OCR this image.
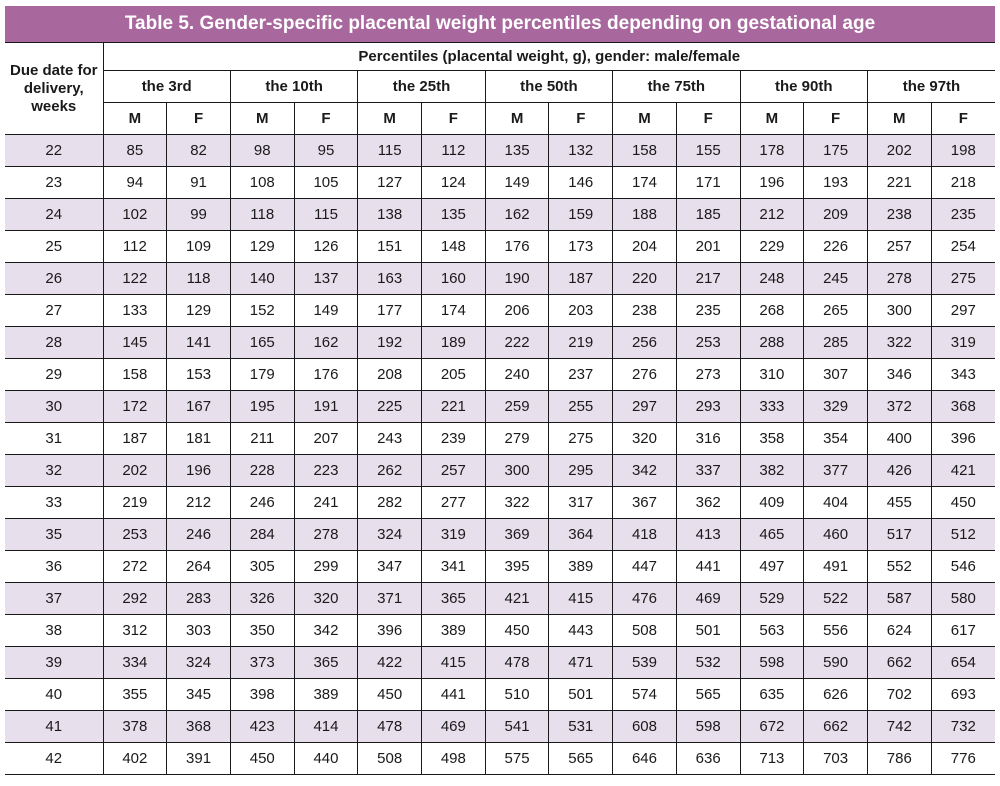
Table 5. Gender-specific placental weight percentiles depending on gestational age
Due date for delivery, weeks	Percentiles (placental weight, g), gender: male/female													
	the 3rd		the 10th		the 25th		the 50th		the 75th		the 90th		the 97th	
	M	F	M	F	M	F	M	F	M	F	M	F	M	F
22	85	82	98	95	115	112	135	132	158	155	178	175	202	198
23	94	91	108	105	127	124	149	146	174	171	196	193	221	218
24	102	99	118	115	138	135	162	159	188	185	212	209	238	235
25	112	109	129	126	151	148	176	173	204	201	229	226	257	254
26	122	118	140	137	163	160	190	187	220	217	248	245	278	275
27	133	129	152	149	177	174	206	203	238	235	268	265	300	297
28	145	141	165	162	192	189	222	219	256	253	288	285	322	319
29	158	153	179	176	208	205	240	237	276	273	310	307	346	343
30	172	167	195	191	225	221	259	255	297	293	333	329	372	368
31	187	181	211	207	243	239	279	275	320	316	358	354	400	396
32	202	196	228	223	262	257	300	295	342	337	382	377	426	421
33	219	212	246	241	282	277	322	317	367	362	409	404	455	450
35	253	246	284	278	324	319	369	364	418	413	465	460	517	512
36	272	264	305	299	347	341	395	389	447	441	497	491	552	546
37	292	283	326	320	371	365	421	415	476	469	529	522	587	580
38	312	303	350	342	396	389	450	443	508	501	563	556	624	617
39	334	324	373	365	422	415	478	471	539	532	598	590	662	654
40	355	345	398	389	450	441	510	501	574	565	635	626	702	693
41	378	368	423	414	478	469	541	531	608	598	672	662	742	732
42	402	391	450	440	508	498	575	565	646	636	713	703	786	776
